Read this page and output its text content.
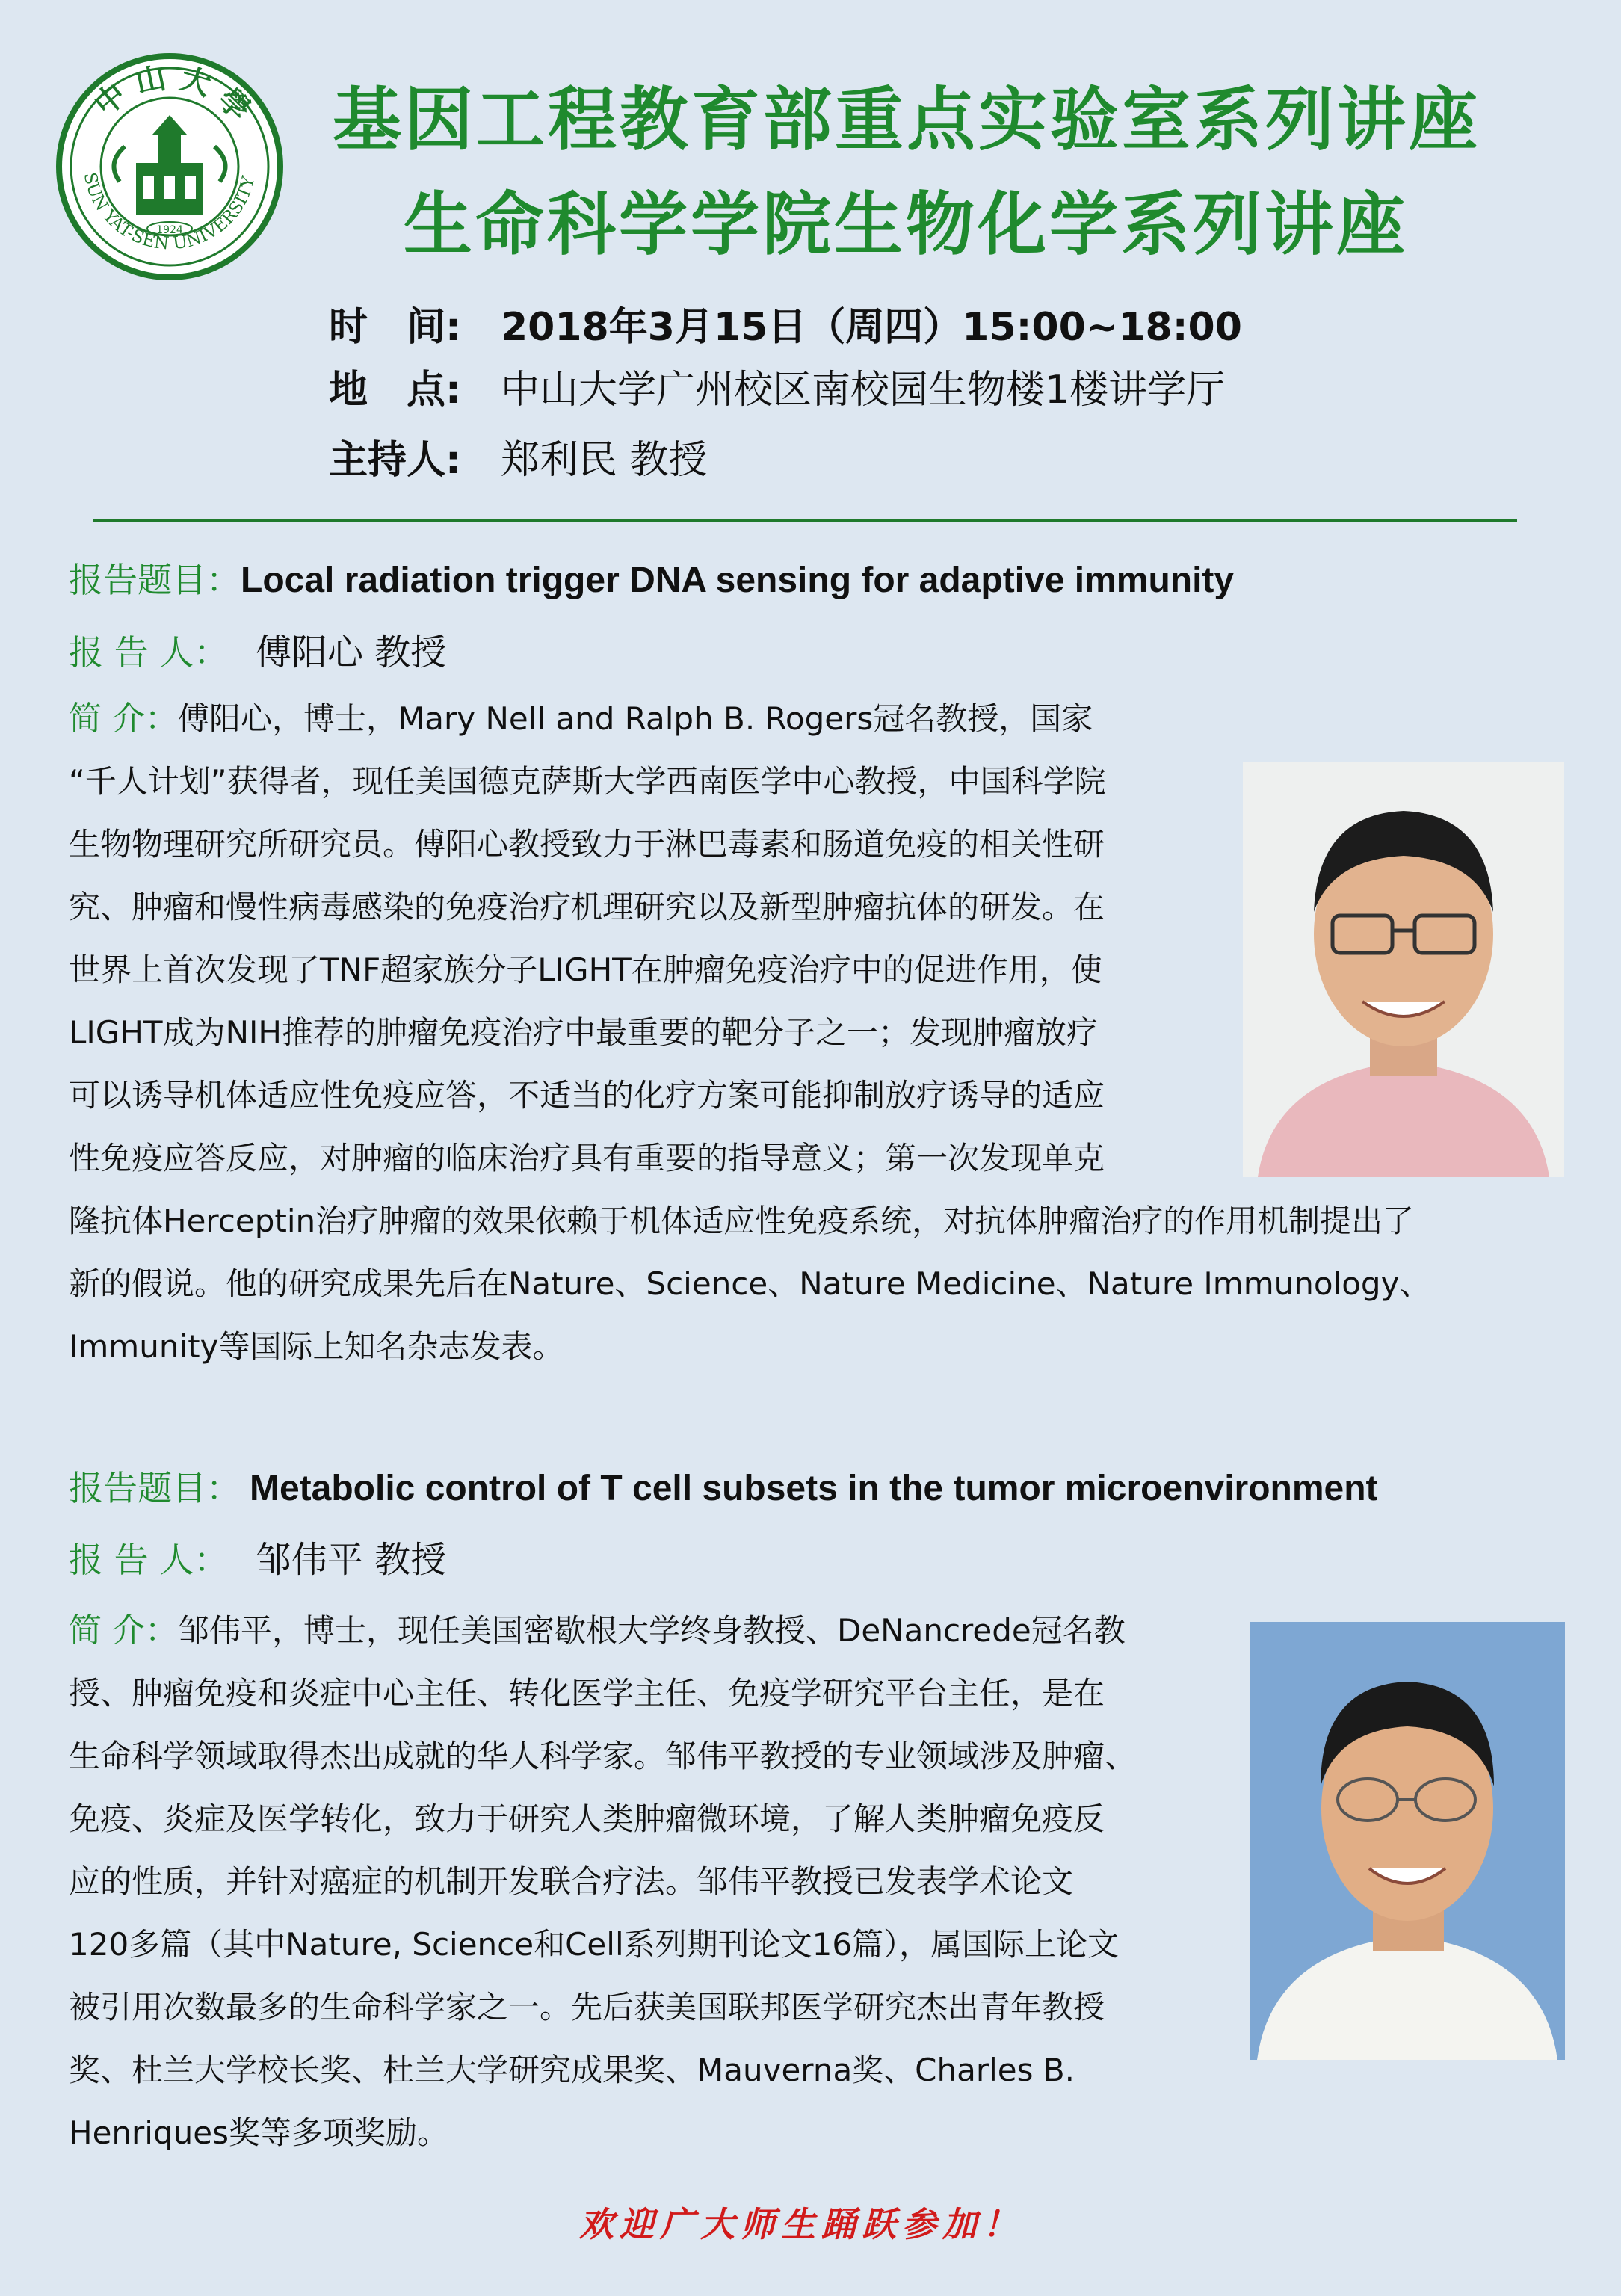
中 山 大 學
SUN YAT-SEN UNIVERSITY
1924
基因工程教育部重点实验室系列讲座
生命科学学院生物化学系列讲座
时　间: 2018年3月15日（周四）15:00~18:00
地　点: 中山大学广州校区南校园生物楼1楼讲学厅
主持人: 郑利民 教授
报告题目：Local radiation trigger DNA sensing for adaptive immunity
报 告 人： 傅阳心 教授
简 介：傅阳心，博士，Mary Nell and Ralph B. Rogers冠名教授，国家
“千人计划”获得者，现任美国德克萨斯大学西南医学中心教授，中国科学院
生物物理研究所研究员。傅阳心教授致力于淋巴毒素和肠道免疫的相关性研
究、肿瘤和慢性病毒感染的免疫治疗机理研究以及新型肿瘤抗体的研发。在
世界上首次发现了TNF超家族分子LIGHT在肿瘤免疫治疗中的促进作用，使
LIGHT成为NIH推荐的肿瘤免疫治疗中最重要的靶分子之一；发现肿瘤放疗
可以诱导机体适应性免疫应答，不适当的化疗方案可能抑制放疗诱导的适应
性免疫应答反应，对肿瘤的临床治疗具有重要的指导意义；第一次发现单克
隆抗体Herceptin治疗肿瘤的效果依赖于机体适应性免疫系统，对抗体肿瘤治疗的作用机制提出了
新的假说。他的研究成果先后在Nature、Science、Nature Medicine、Nature Immunology、
Immunity等国际上知名杂志发表。
报告题目： Metabolic control of T cell subsets in the tumor microenvironment
报 告 人： 邹伟平 教授
简 介：邹伟平，博士，现任美国密歇根大学终身教授、DeNancrede冠名教
授、肿瘤免疫和炎症中心主任、转化医学主任、免疫学研究平台主任，是在
生命科学领域取得杰出成就的华人科学家。邹伟平教授的专业领域涉及肿瘤、
免疫、炎症及医学转化，致力于研究人类肿瘤微环境，了解人类肿瘤免疫反
应的性质，并针对癌症的机制开发联合疗法。邹伟平教授已发表学术论文
120多篇（其中Nature, Science和Cell系列期刊论文16篇），属国际上论文
被引用次数最多的生命科学家之一。先后获美国联邦医学研究杰出青年教授
奖、杜兰大学校长奖、杜兰大学研究成果奖、Mauverna奖、Charles B.
Henriques奖等多项奖励。
欢迎广大师生踊跃参加！
